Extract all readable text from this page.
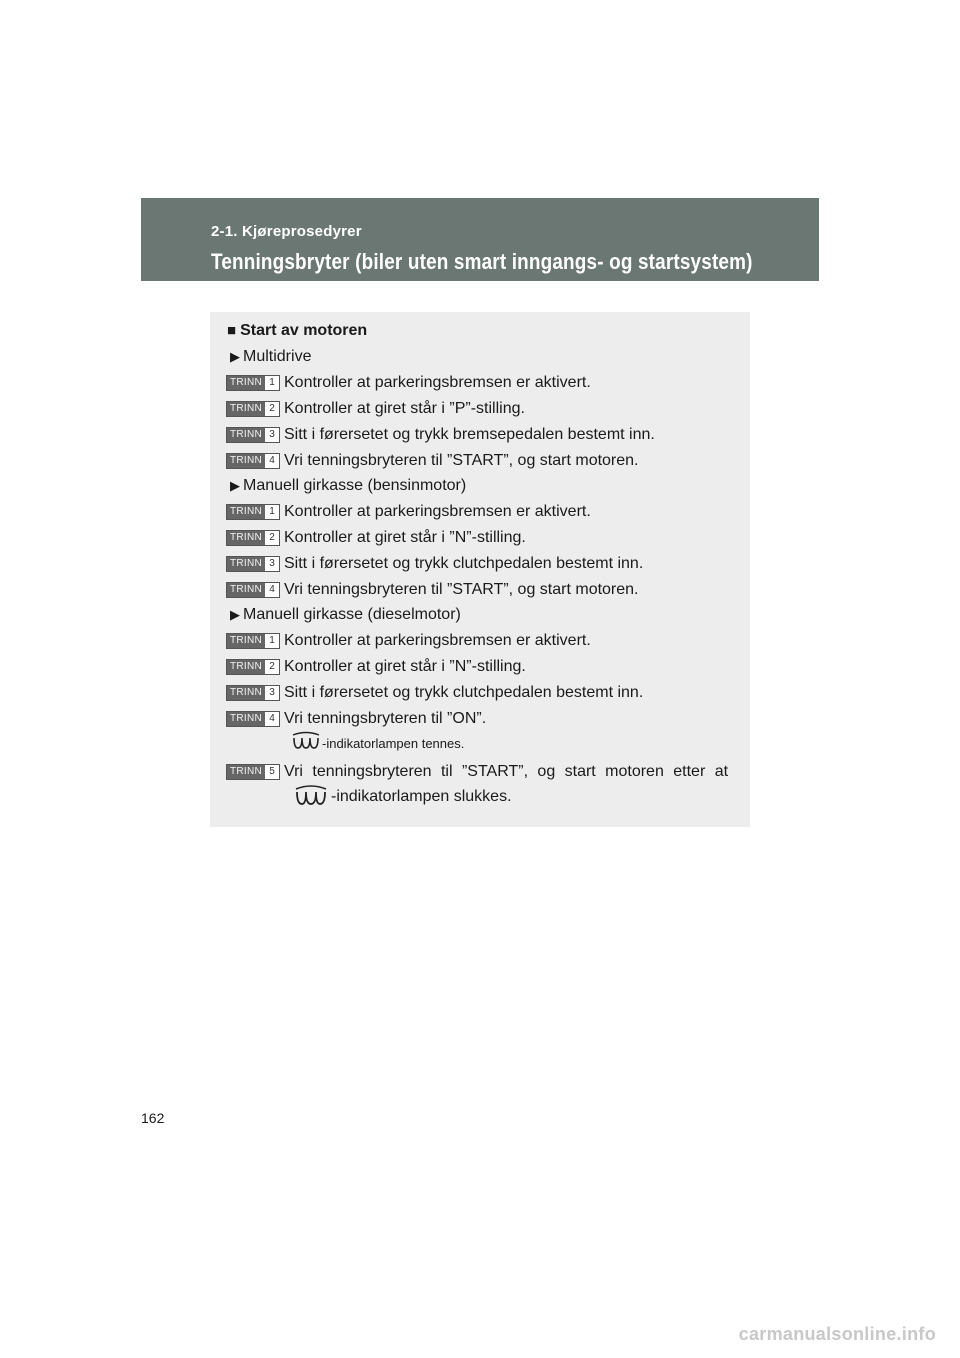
2-1. Kjøreprosedyrer
Tenningsbryter (biler uten smart inngangs- og startsystem)
■ Start av motoren
▶ Multidrive
TRINN 1 Kontroller at parkeringsbremsen er aktivert.
TRINN 2 Kontroller at giret står i ”P”-stilling.
TRINN 3 Sitt i førersetet og trykk bremsepedalen bestemt inn.
TRINN 4 Vri tenningsbryteren til ”START”, og start motoren.
▶ Manuell girkasse (bensinmotor)
TRINN 1 Kontroller at parkeringsbremsen er aktivert.
TRINN 2 Kontroller at giret står i ”N”-stilling.
TRINN 3 Sitt i førersetet og trykk clutchpedalen bestemt inn.
TRINN 4 Vri tenningsbryteren til ”START”, og start motoren.
▶ Manuell girkasse (dieselmotor)
TRINN 1 Kontroller at parkeringsbremsen er aktivert.
TRINN 2 Kontroller at giret står i ”N”-stilling.
TRINN 3 Sitt i førersetet og trykk clutchpedalen bestemt inn.
TRINN 4 Vri tenningsbryteren til ”ON”.
-indikatorlampen tennes.
TRINN 5 Vri tenningsbryteren til ”START”, og start motoren etter at
-indikatorlampen slukkes.
162
carmanualsonline.info
